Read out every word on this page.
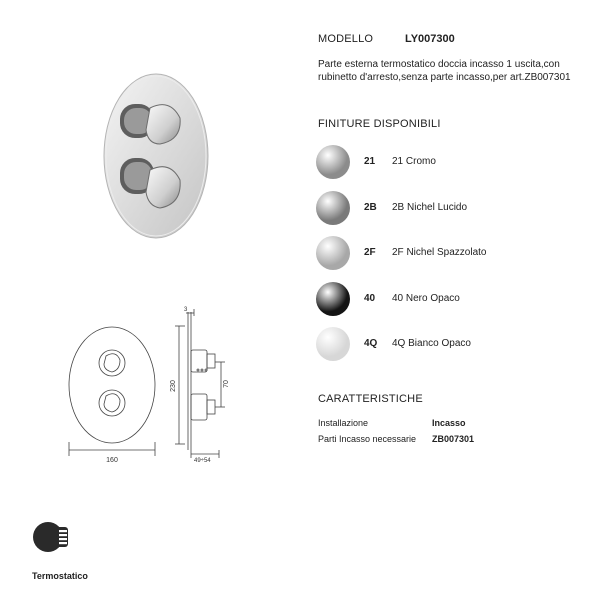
160
230	70
3
49÷54
MODELLO	LY007300
Parte esterna termostatico doccia incasso 1 uscita,con rubinetto d'arresto,senza parte incasso,per art.ZB007301
FINITURE DISPONIBILI
21 21 Cromo
2B 2B Nichel Lucido
2F 2F Nichel Spazzolato
40 40 Nero Opaco
4Q 4Q Bianco Opaco
CARATTERISTICHE
Installazione	Incasso
Parti Incasso necessarie ZB007301
Termostatico
